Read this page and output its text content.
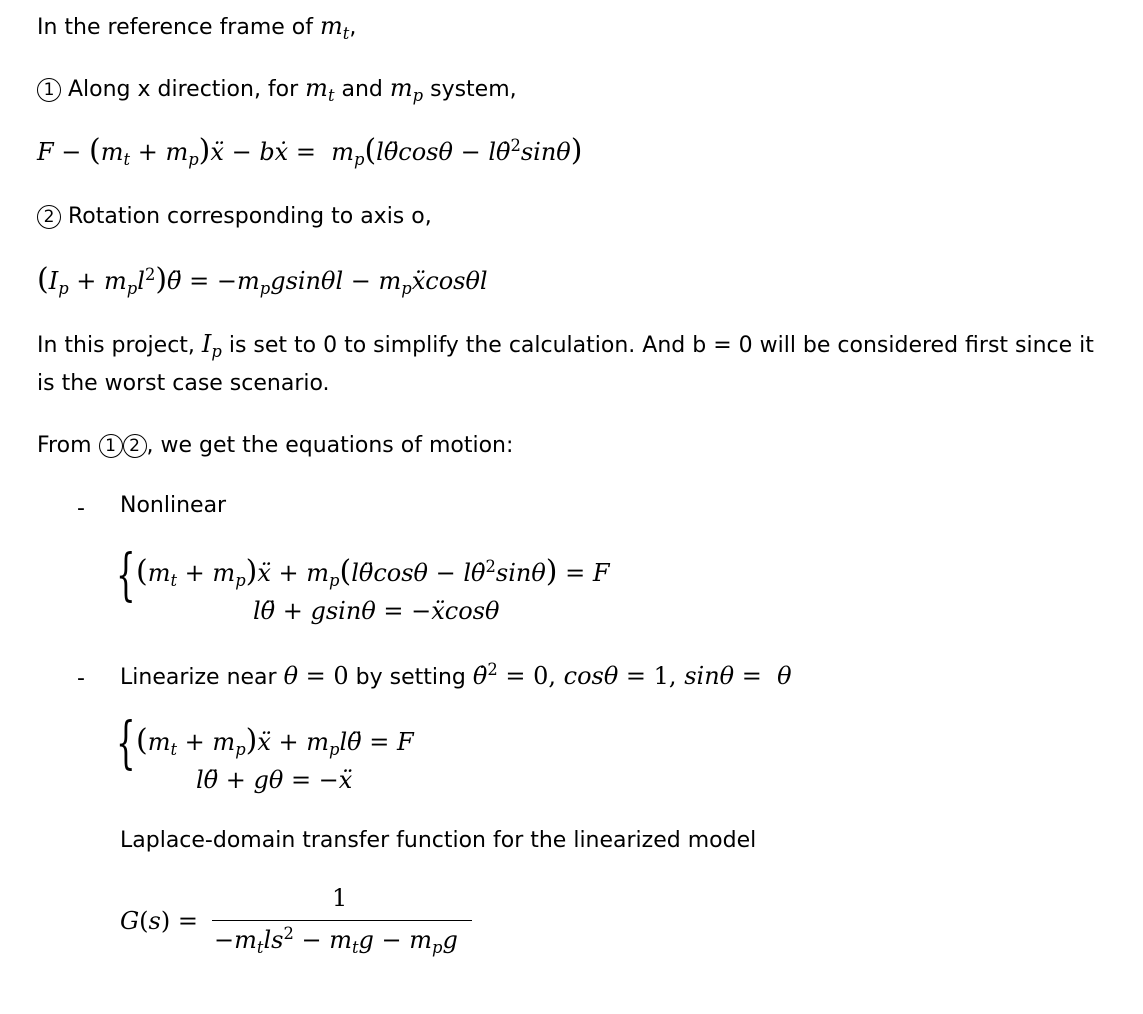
In the reference frame of $m_t$,
1 Along x direction, for $m_t$ and $m_p$ system,
$F - (m_t$ + $m_p)ẍ$ − bẋ =  $m_p(l\thetä\cos\theta$ − lθ̇$^2$sinθ)
2 Rotation corresponding to axis o,
($I_p$ + $m_pl^2)\thetä = -m_pgsin\theta l$ − $m_pẍ\cos\theta l$
In this project, $I_p$ is set to 0 to simplify the calculation. And b = 0 will be considered first since it
is the worst case scenario.
From 1 2 , we get the equations of motion:
- Nonlinear
{ ($m_t$ + $m_p)ẍ$ + $m_p(l\thetä\cos\theta$ − lθ̇$^2$sinθ) = F
lθ̈ + gsinθ = −ẍcosθ
- Linearize near θ = 0 by setting θ̇$^2$ = 0, cosθ = 1, sinθ =  θ
{ ($m_t$ + $m_p)ẍ$ + $m_pl\thetä = F$
lθ̈ + gθ = −ẍ
Laplace-domain transfer function for the linearized model
G(s) =
1
$-m_tls^2 - m_tg - m_pg$
